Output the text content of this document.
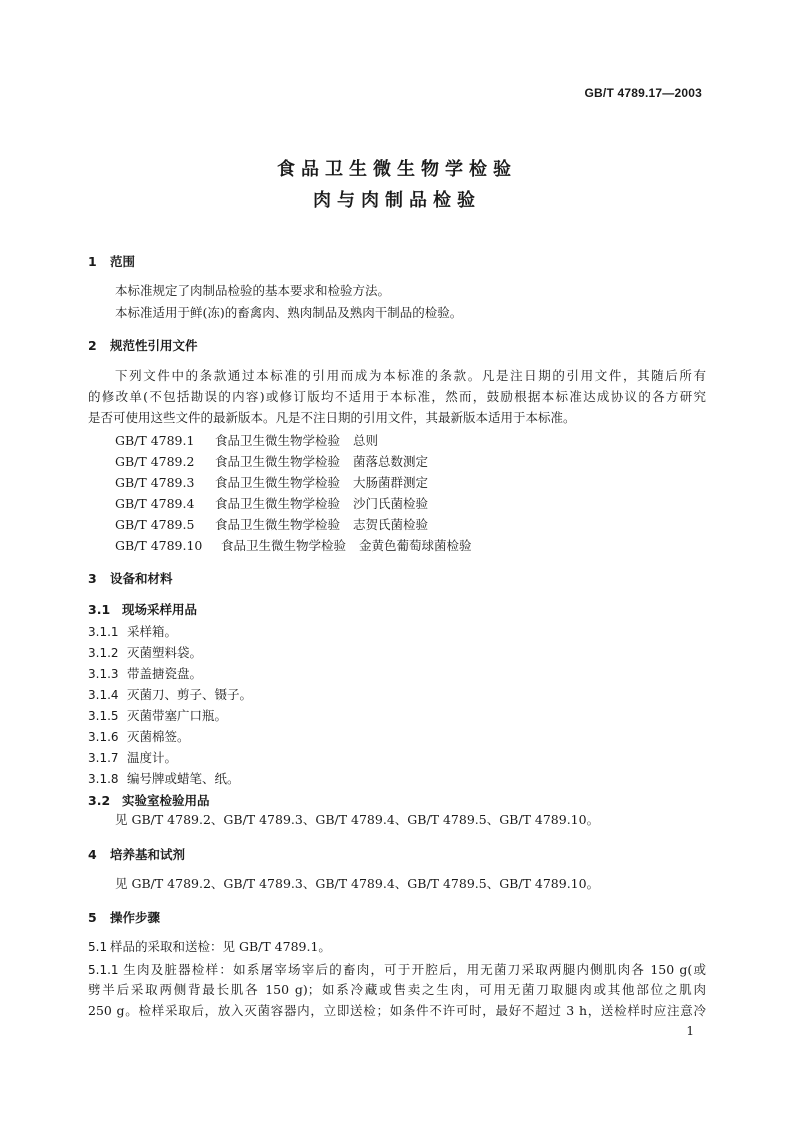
GB/T 4789.17—2003
食品卫生微生物学检验
肉与肉制品检验
1 范围
本标准规定了肉制品检验的基本要求和检验方法。
本标准适用于鲜(冻)的畜禽肉、熟肉制品及熟肉干制品的检验。
2 规范性引用文件
下列文件中的条款通过本标准的引用而成为本标准的条款。凡是注日期的引用文件，其随后所有
的修改单(不包括勘误的内容)或修订版均不适用于本标准，然而，鼓励根据本标准达成协议的各方研究
是否可使用这些文件的最新版本。凡是不注日期的引用文件，其最新版本适用于本标准。
GB/T 4789.1 食品卫生微生物学检验 总则
GB/T 4789.2 食品卫生微生物学检验 菌落总数测定
GB/T 4789.3 食品卫生微生物学检验 大肠菌群测定
GB/T 4789.4 食品卫生微生物学检验 沙门氏菌检验
GB/T 4789.5 食品卫生微生物学检验 志贺氏菌检验
GB/T 4789.10 食品卫生微生物学检验 金黄色葡萄球菌检验
3 设备和材料
3.1 现场采样用品
3.1.1 采样箱。
3.1.2 灭菌塑料袋。
3.1.3 带盖搪瓷盘。
3.1.4 灭菌刀、剪子、镊子。
3.1.5 灭菌带塞广口瓶。
3.1.6 灭菌棉签。
3.1.7 温度计。
3.1.8 编号牌或蜡笔、纸。
3.2 实验室检验用品
见 GB/T 4789.2、GB/T 4789.3、GB/T 4789.4、GB/T 4789.5、GB/T 4789.10。
4 培养基和试剂
见 GB/T 4789.2、GB/T 4789.3、GB/T 4789.4、GB/T 4789.5、GB/T 4789.10。
5 操作步骤
5.1 样品的采取和送检：见 GB/T 4789.1。
5.1.1 生肉及脏器检样：如系屠宰场宰后的畜肉，可于开腔后，用无菌刀采取两腿内侧肌肉各 150 g(或
劈半后采取两侧背最长肌各 150 g)；如系冷藏或售卖之生肉，可用无菌刀取腿肉或其他部位之肌肉
250 g。检样采取后，放入灭菌容器内，立即送检；如条件不许可时，最好不超过 3 h，送检样时应注意冷
1
